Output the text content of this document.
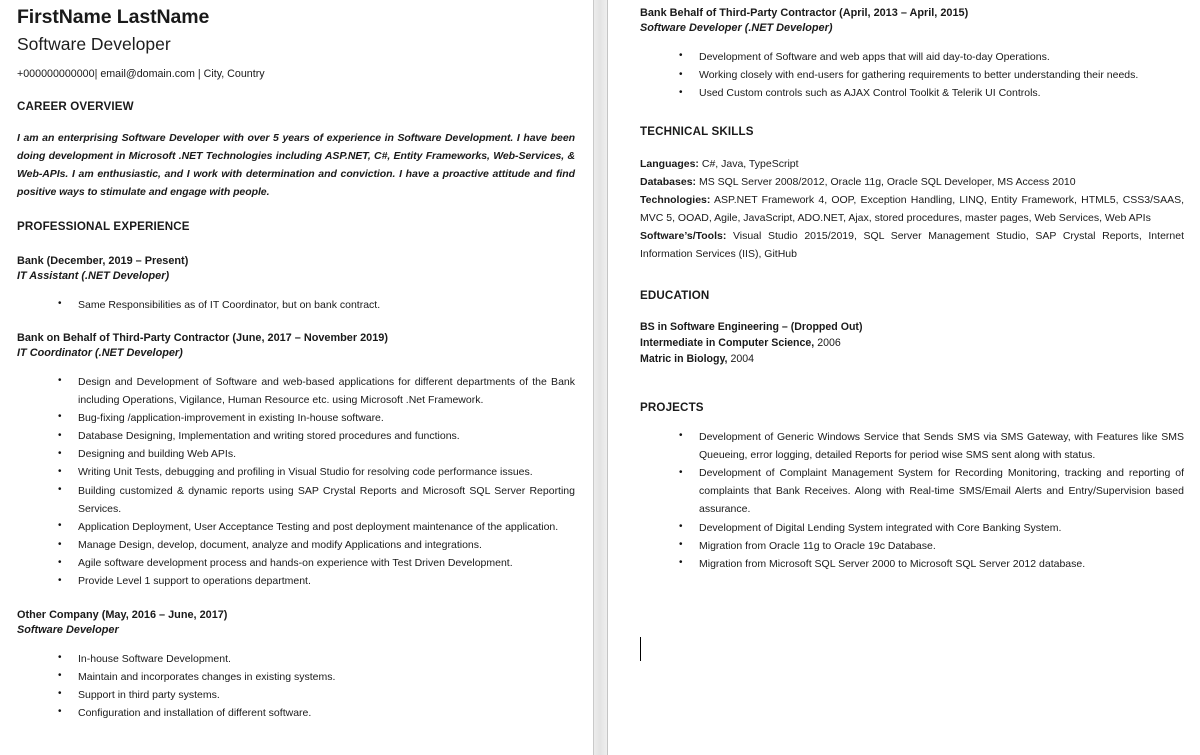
FirstName LastName
Software Developer
+000000000000| email@domain.com | City, Country
CAREER OVERVIEW

I am an enterprising Software Developer with over 5 years of experience in Software Development. I have been doing development in Microsoft .NET Technologies including ASP.NET, C#, Entity Frameworks, Web-Services, & Web-APIs. I am enthusiastic, and I work with determination and conviction. I have a proactive attitude and find positive ways to stimulate and engage with people.

PROFESSIONAL EXPERIENCE
Bank (December, 2019 – Present)
IT Assistant (.NET Developer)
• Same Responsibilities as of IT Coordinator, but on bank contract.
Bank on Behalf of Third-Party Contractor (June, 2017 – November 2019)
IT Coordinator (.NET Developer)
• Design and Development of Software and web-based applications for different departments of the Bank including Operations, Vigilance, Human Resource etc. using Microsoft .Net Framework.
• Bug-fixing /application-improvement in existing In-house software.
• Database Designing, Implementation and writing stored procedures and functions.
• Designing and building Web APIs.
• Writing Unit Tests, debugging and profiling in Visual Studio for resolving code performance issues.
• Building customized & dynamic reports using SAP Crystal Reports and Microsoft SQL Server Reporting Services.
• Application Deployment, User Acceptance Testing and post deployment maintenance of the application.
• Manage Design, develop, document, analyze and modify Applications and integrations.
• Agile software development process and hands-on experience with Test Driven Development.
• Provide Level 1 support to operations department.
Other Company (May, 2016 – June, 2017)
Software Developer
• In-house Software Development.
• Maintain and incorporates changes in existing systems.
• Support in third party systems.
• Configuration and installation of different software.
Bank Behalf of Third-Party Contractor (April, 2013 – April, 2015)
Software Developer (.NET Developer)
• Development of Software and web apps that will aid day-to-day Operations.
• Working closely with end-users for gathering requirements to better understanding their needs.
• Used Custom controls such as AJAX Control Toolkit & Telerik UI Controls.
TECHNICAL SKILLS
Languages: C#, Java, TypeScript
Databases: MS SQL Server 2008/2012, Oracle 11g, Oracle SQL Developer, MS Access 2010
Technologies: ASP.NET Framework 4, OOP, Exception Handling, LINQ, Entity Framework, HTML5, CSS3/SAAS, MVC 5, OOAD, Agile, JavaScript, ADO.NET, Ajax, stored procedures, master pages, Web Services, Web APIs
Software’s/Tools: Visual Studio 2015/2019, SQL Server Management Studio, SAP Crystal Reports, Internet Information Services (IIS), GitHub
EDUCATION
BS in Software Engineering – (Dropped Out)
Intermediate in Computer Science, 2006
Matric in Biology, 2004
PROJECTS
• Development of Generic Windows Service that Sends SMS via SMS Gateway, with Features like SMS Queueing, error logging, detailed Reports for period wise SMS sent along with status.
• Development of Complaint Management System for Recording Monitoring, tracking and reporting of complaints that Bank Receives. Along with Real-time SMS/Email Alerts and Entry/Supervision based assurance.
• Development of Digital Lending System integrated with Core Banking System.
• Migration from Oracle 11g to Oracle 19c Database.
• Migration from Microsoft SQL Server 2000 to Microsoft SQL Server 2012 database.
